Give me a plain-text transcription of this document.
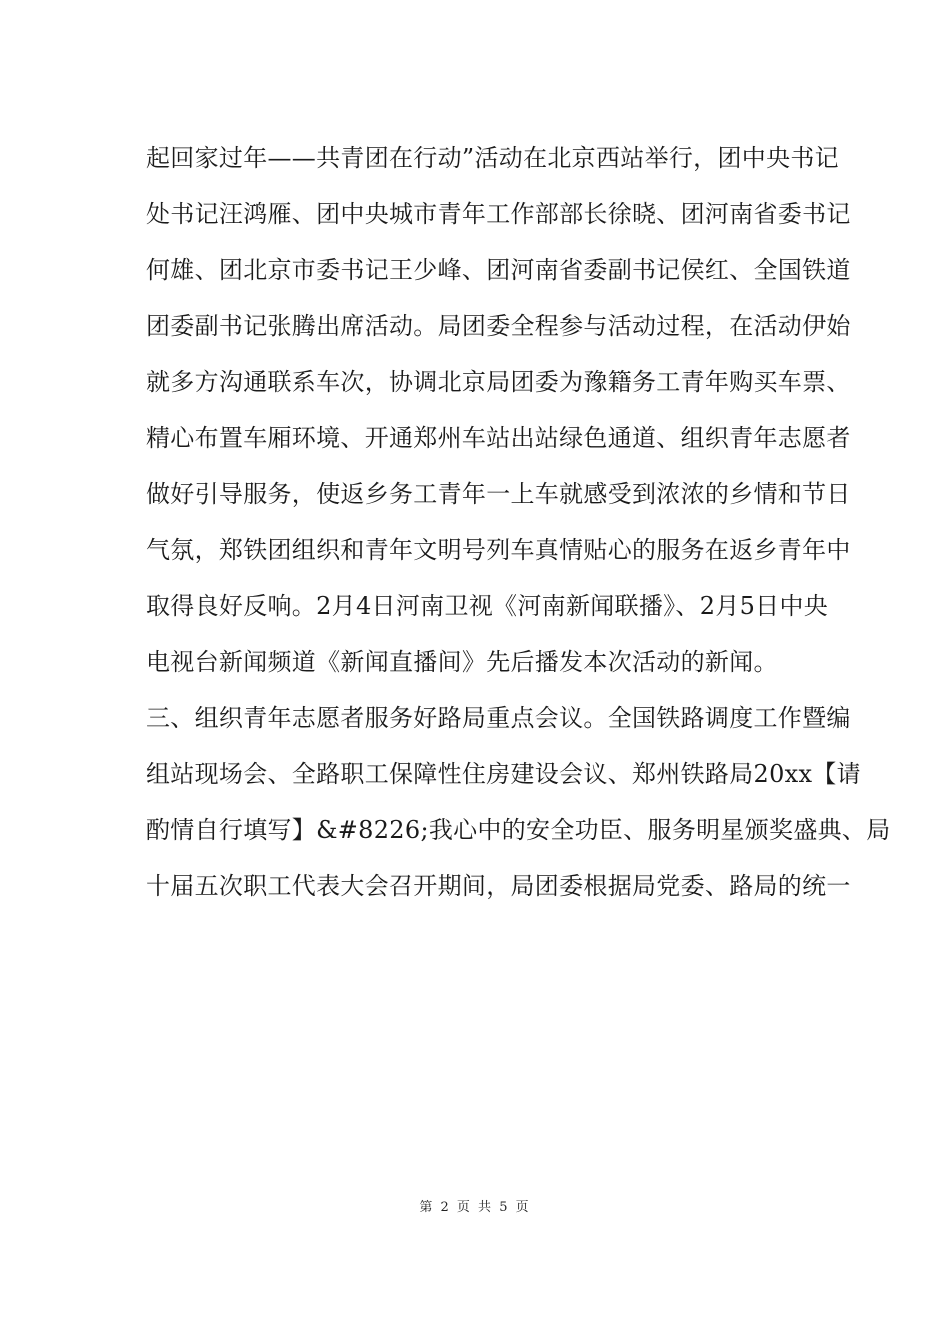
起回家过年——共青团在行动”活动在北京西站举行，团中央书记
处书记汪鸿雁、团中央城市青年工作部部长徐晓、团河南省委书记
何雄、团北京市委书记王少峰、团河南省委副书记侯红、全国铁道
团委副书记张腾出席活动。局团委全程参与活动过程，在活动伊始
就多方沟通联系车次，协调北京局团委为豫籍务工青年购买车票、
精心布置车厢环境、开通郑州车站出站绿色通道、组织青年志愿者
做好引导服务，使返乡务工青年一上车就感受到浓浓的乡情和节日
气氛，郑铁团组织和青年文明号列车真情贴心的服务在返乡青年中
取得良好反响。2月4日河南卫视《河南新闻联播》、2月5日中央
电视台新闻频道《新闻直播间》先后播发本次活动的新闻。
三、组织青年志愿者服务好路局重点会议。全国铁路调度工作暨编
组站现场会、全路职工保障性住房建设会议、郑州铁路局20xx【请
酌情自行填写】&#8226;我心中的安全功臣、服务明星颁奖盛典、局
十届五次职工代表大会召开期间，局团委根据局党委、路局的统一
第 2 页 共 5 页
